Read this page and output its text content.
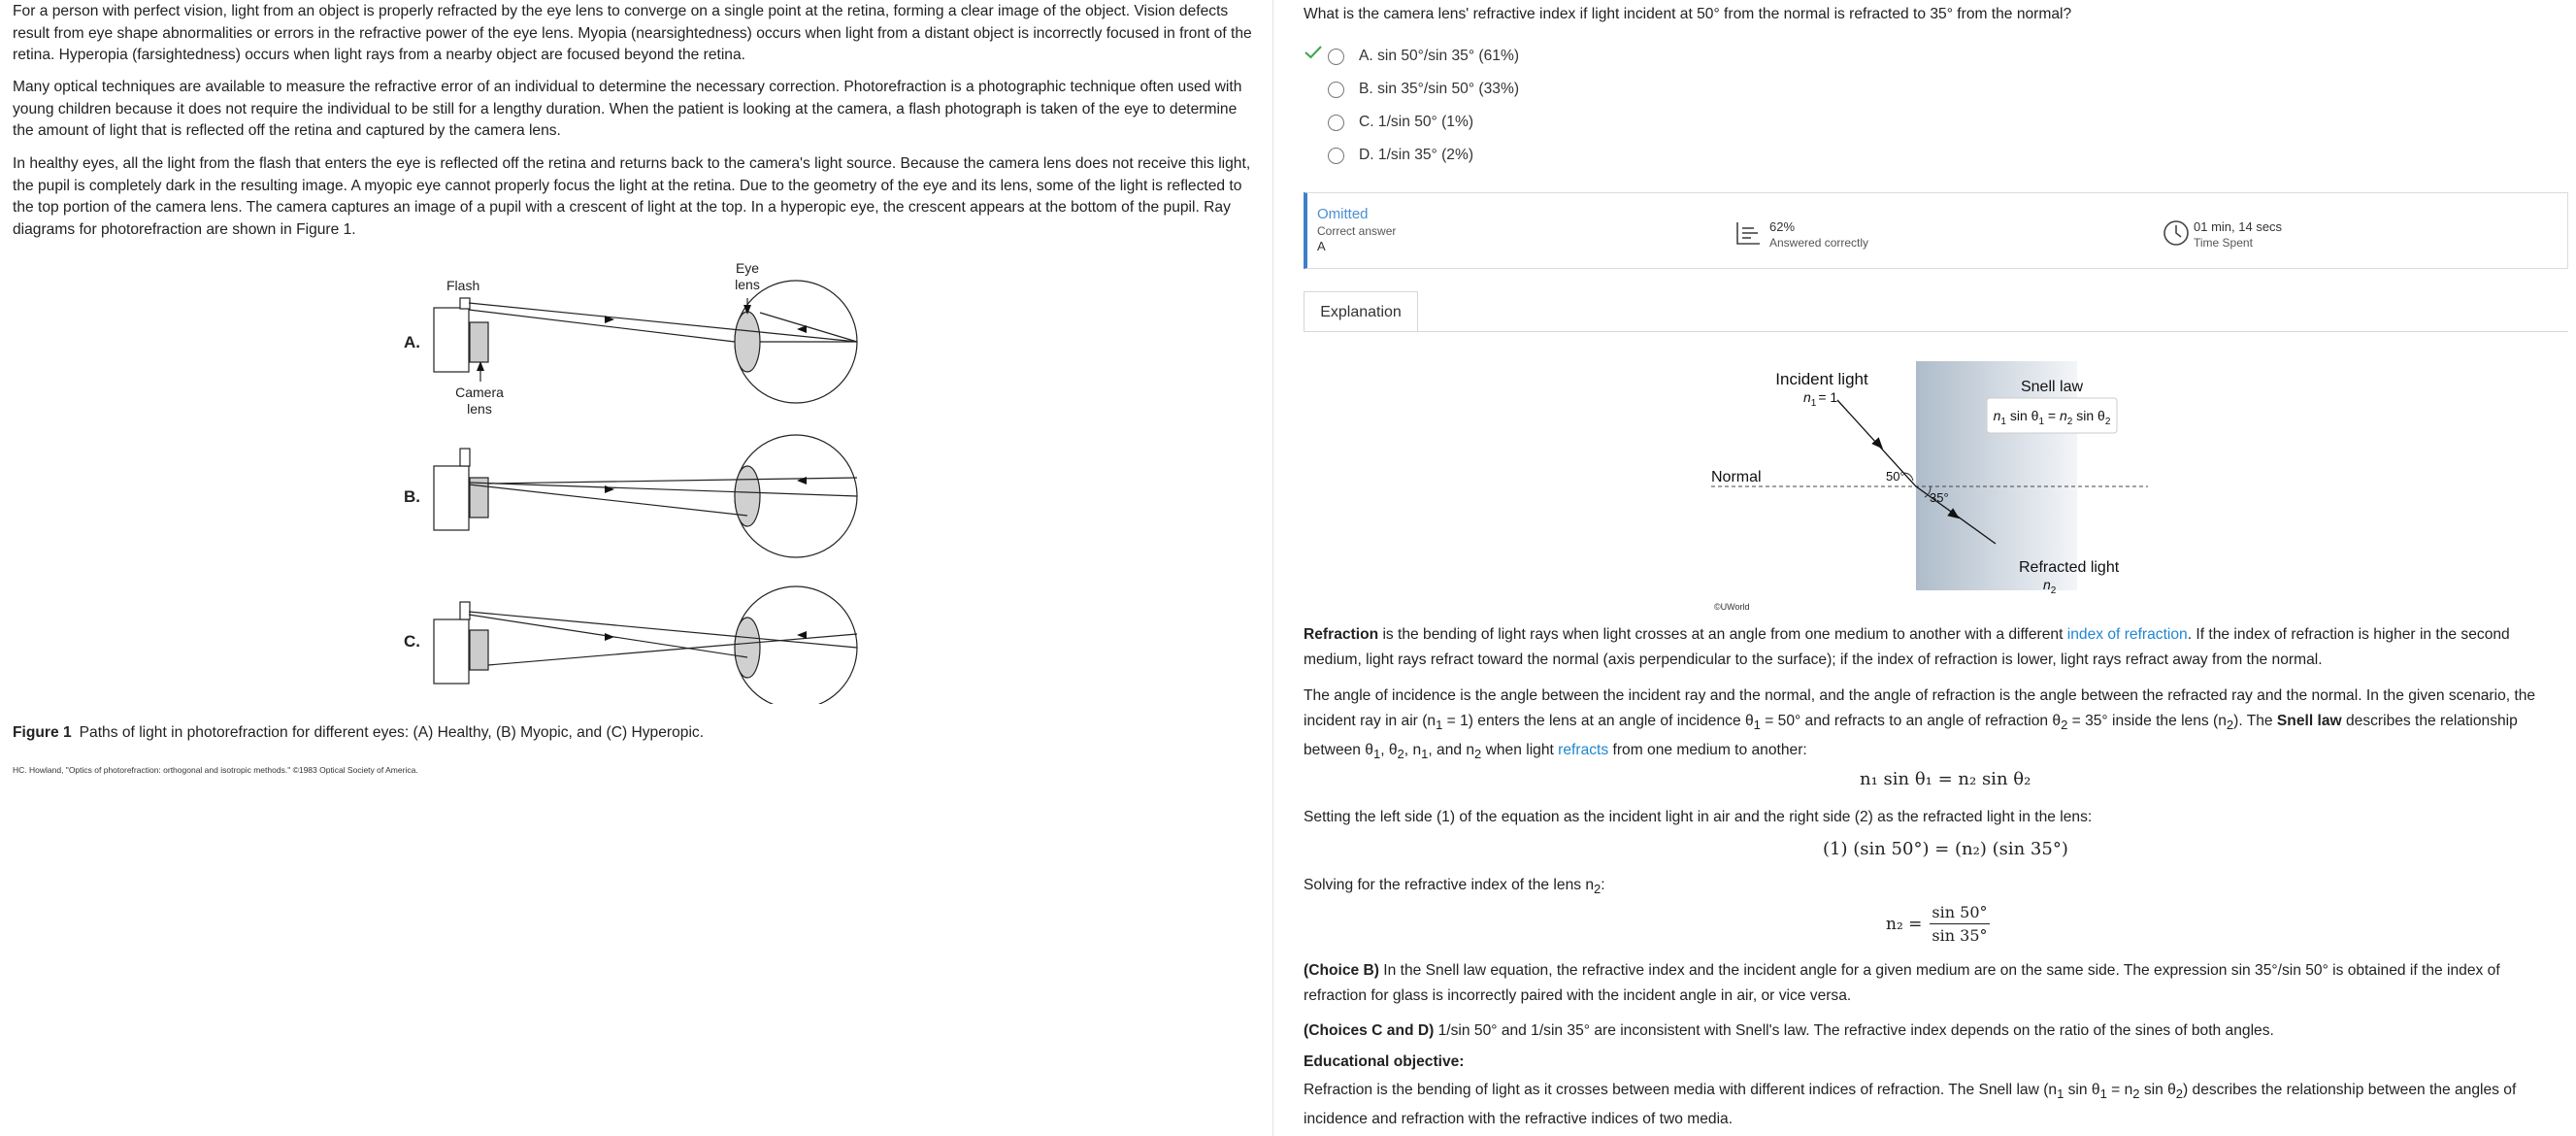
For a person with perfect vision, light from an object is properly refracted by the eye lens to converge on a single point at the retina, forming a clear image of the object. Vision defects result from eye shape abnormalities or errors in the refractive power of the eye lens. Myopia (nearsightedness) occurs when light from a distant object is incorrectly focused in front of the retina. Hyperopia (farsightedness) occurs when light rays from a nearby object are focused beyond the retina.

Many optical techniques are available to measure the refractive error of an individual to determine the necessary correction. Photorefraction is a photographic technique often used with young children because it does not require the individual to be still for a lengthy duration. When the patient is looking at the camera, a flash photograph is taken of the eye to determine the amount of light that is reflected off the retina and captured by the camera lens.

In healthy eyes, all the light from the flash that enters the eye is reflected off the retina and returns back to the camera's light source. Because the camera lens does not receive this light, the pupil is completely dark in the resulting image. A myopic eye cannot properly focus the light at the retina. Due to the geometry of the eye and its lens, some of the light is reflected to the top portion of the camera lens. The camera captures an image of a pupil with a crescent of light at the top. In a hyperopic eye, the crescent appears at the bottom of the pupil. Ray diagrams for photorefraction are shown in Figure 1.

Flash
Eye
lens
Camera
lens
A.
B.
C.
Figure 1 Paths of light in photorefraction for different eyes: (A) Healthy, (B) Myopic, and (C) Hyperopic.
HC. Howland, "Optics of photorefraction: orthogonal and isotropic methods." ©1983 Optical Society of America.
What is the camera lens' refractive index if light incident at 50° from the normal is refracted to 35° from the normal?
A. sin 50°/sin 35° (61%)
B. sin 35°/sin 50° (33%)
C. 1/sin 50° (1%)
D. 1/sin 35° (2%)
Omitted
Correct answer
A
62%
Answered correctly
01 min, 14 secs
Time Spent
Explanation
Incident light
$n_1 = 1$
Snell law
$n_1$ $\sin \theta_1 = n_2$ $\sin \theta_2$
Normal	50°
35°
Refracted light
$n_2$
©UWorld

Refraction is the bending of light rays when light crosses at an angle from one medium to another with a different index of refraction. If the index of refraction is higher in the second medium, light rays refract toward the normal (axis perpendicular to the surface); if the index of refraction is lower, light rays refract away from the normal.

The angle of incidence is the angle between the incident ray and the normal, and the angle of refraction is the angle between the refracted ray and the normal. In the given scenario, the incident ray in air $(n_1 = 1)$ enters the lens at an angle of incidence $\theta_1 = 50^\circ$ and refracts to an angle of refraction $\theta_2 = 35^\circ$ inside the lens $(n_2)$. The Snell law describes the relationship between $\theta_1$, $\theta_2$, $n_1$, and $n_2$ when light refracts from one medium to another:

n₁ sin θ₁ = n₂ sin θ₂

Setting the left side (1) of the equation as the incident light in air and the right side (2) as the refracted light in the lens:

(1) (sin 50°) = (n₂) (sin 35°)

Solving for the refractive index of the lens $n_2$:

$n_2 = \frac{\sin 50^\circ}{\sin 35^\circ}$

(Choice B) In the Snell law equation, the refractive index and the incident angle for a given medium are on the same side. The expression sin 35°/sin 50° is obtained if the index of refraction for glass is incorrectly paired with the incident angle in air, or vice versa.

(Choices C and D) 1/sin 50° and 1/sin 35° are inconsistent with Snell's law. The refractive index depends on the ratio of the sines of both angles.

Educational objective:

Refraction is the bending of light as it crosses between media with different indices of refraction. The Snell law ($n_1$ $\sin \theta_1 = n_2$ $\sin \theta_2$) describes the relationship between the angles of incidence and refraction with the refractive indices of two media.
